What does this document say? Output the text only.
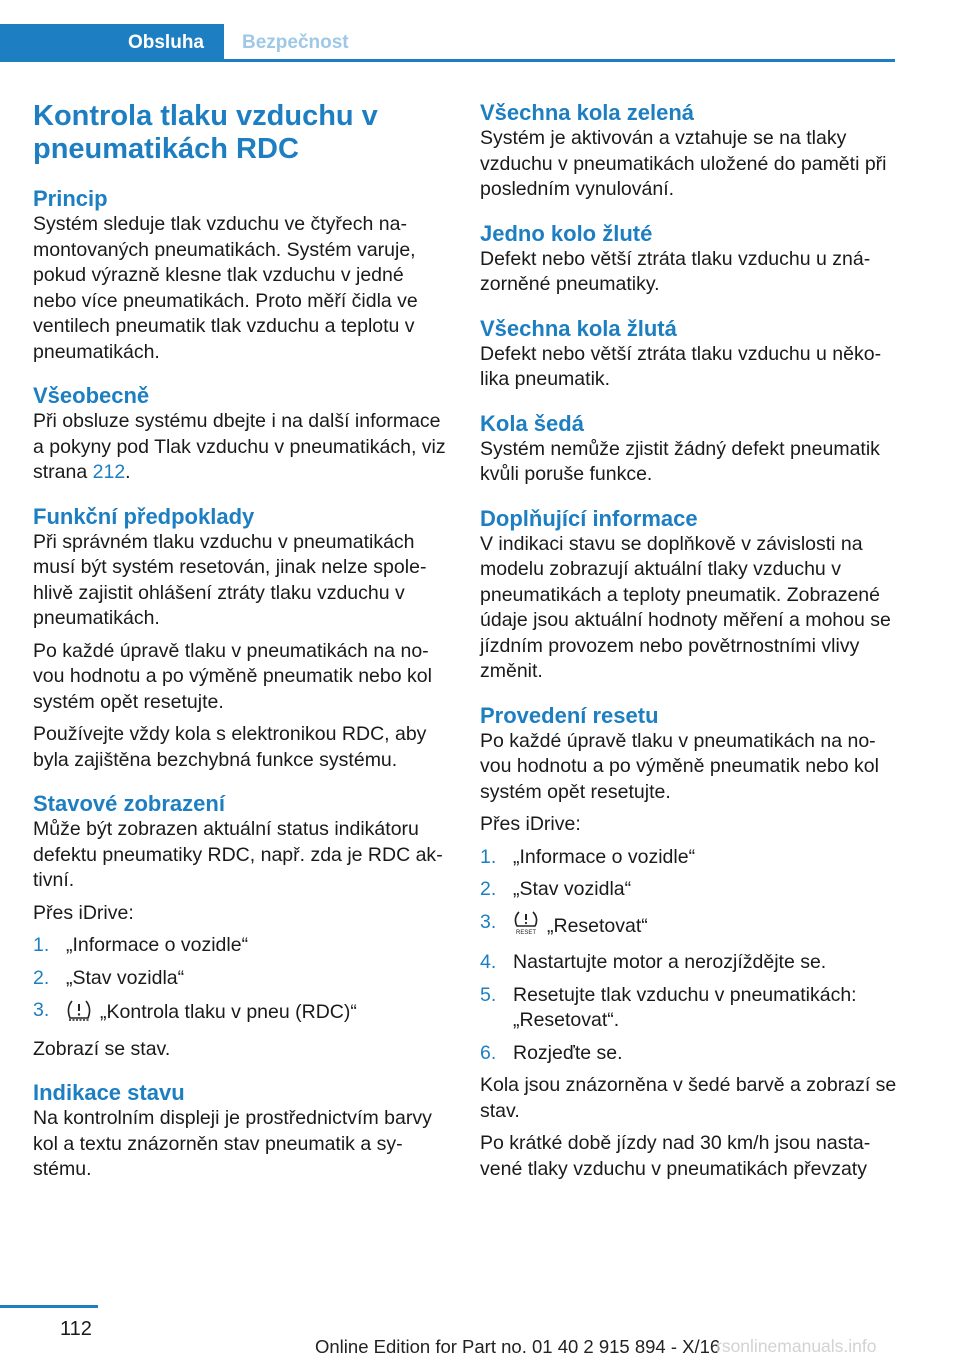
Obsluha	Bezpečnost
Kontrola tlaku vzduchu v pneumatikách RDC
Princip

Systém sleduje tlak vzduchu ve čtyřech namontovaných pneumatikách. Systém varuje, pokud výrazně klesne tlak vzduchu v jedné nebo více pneumatikách. Proto měří čidla ve ventilech pneumatik tlak vzduchu a teplotu v pneumatikách.

Všeobecně

Při obsluze systému dbejte i na další informace a pokyny pod Tlak vzduchu v pneumatikách, viz strana 212.

Funkční předpoklady

Při správném tlaku vzduchu v pneumatikách musí být systém resetován, jinak nelze spolehlivě zajistit ohlášení ztráty tlaku vzduchu v pneumatikách.

Po každé úpravě tlaku v pneumatikách na novou hodnotu a po výměně pneumatik nebo kol systém opět resetujte.

Používejte vždy kola s elektronikou RDC, aby byla zajištěna bezchybná funkce systému.

Stavové zobrazení

Může být zobrazen aktuální status indikátoru defektu pneumatiky RDC, např. zda je RDC aktivní.

Přes iDrive:

1. „Informace o vozidle“
2. „Stav vozidla“
3.	„Kontrola tlaku v pneu (RDC)“

Zobrazí se stav.

Indikace stavu

Na kontrolním displeji je prostřednictvím barvy kol a textu znázorněn stav pneumatik a systému.

Všechna kola zelená

Systém je aktivován a vztahuje se na tlaky vzduchu v pneumatikách uložené do paměti při posledním vynulování.

Jedno kolo žluté

Defekt nebo větší ztráta tlaku vzduchu u znázorněné pneumatiky.

Všechna kola žlutá

Defekt nebo větší ztráta tlaku vzduchu u několika pneumatik.

Kola šedá

Systém nemůže zjistit žádný defekt pneumatik kvůli poruše funkce.

Doplňující informace

V indikaci stavu se doplňkově v závislosti na modelu zobrazují aktuální tlaky vzduchu v pneumatikách a teploty pneumatik. Zobrazené údaje jsou aktuální hodnoty měření a mohou se jízdním provozem nebo povětrnostními vlivy změnit.

Provedení resetu

Po každé úpravě tlaku v pneumatikách na novou hodnotu a po výměně pneumatik nebo kol systém opět resetujte.

Přes iDrive:

1. „Informace o vozidle“
2. „Stav vozidla“
3.	RESET „Resetovat“
4. Nastartujte motor a nerozjíždějte se.
5. Resetujte tlak vzduchu v pneumatikách: „Resetovat“.
6. Rozjeďte se.

Kola jsou znázorněna v šedé barvě a zobrazí se stav.

Po krátké době jízdy nad 30 km/h jsou nastavené tlaky vzduchu v pneumatikách převzaty

112
Online Edition for Part no. 01 40 2 915 894 - X/16
rsonlinemanuals.info
